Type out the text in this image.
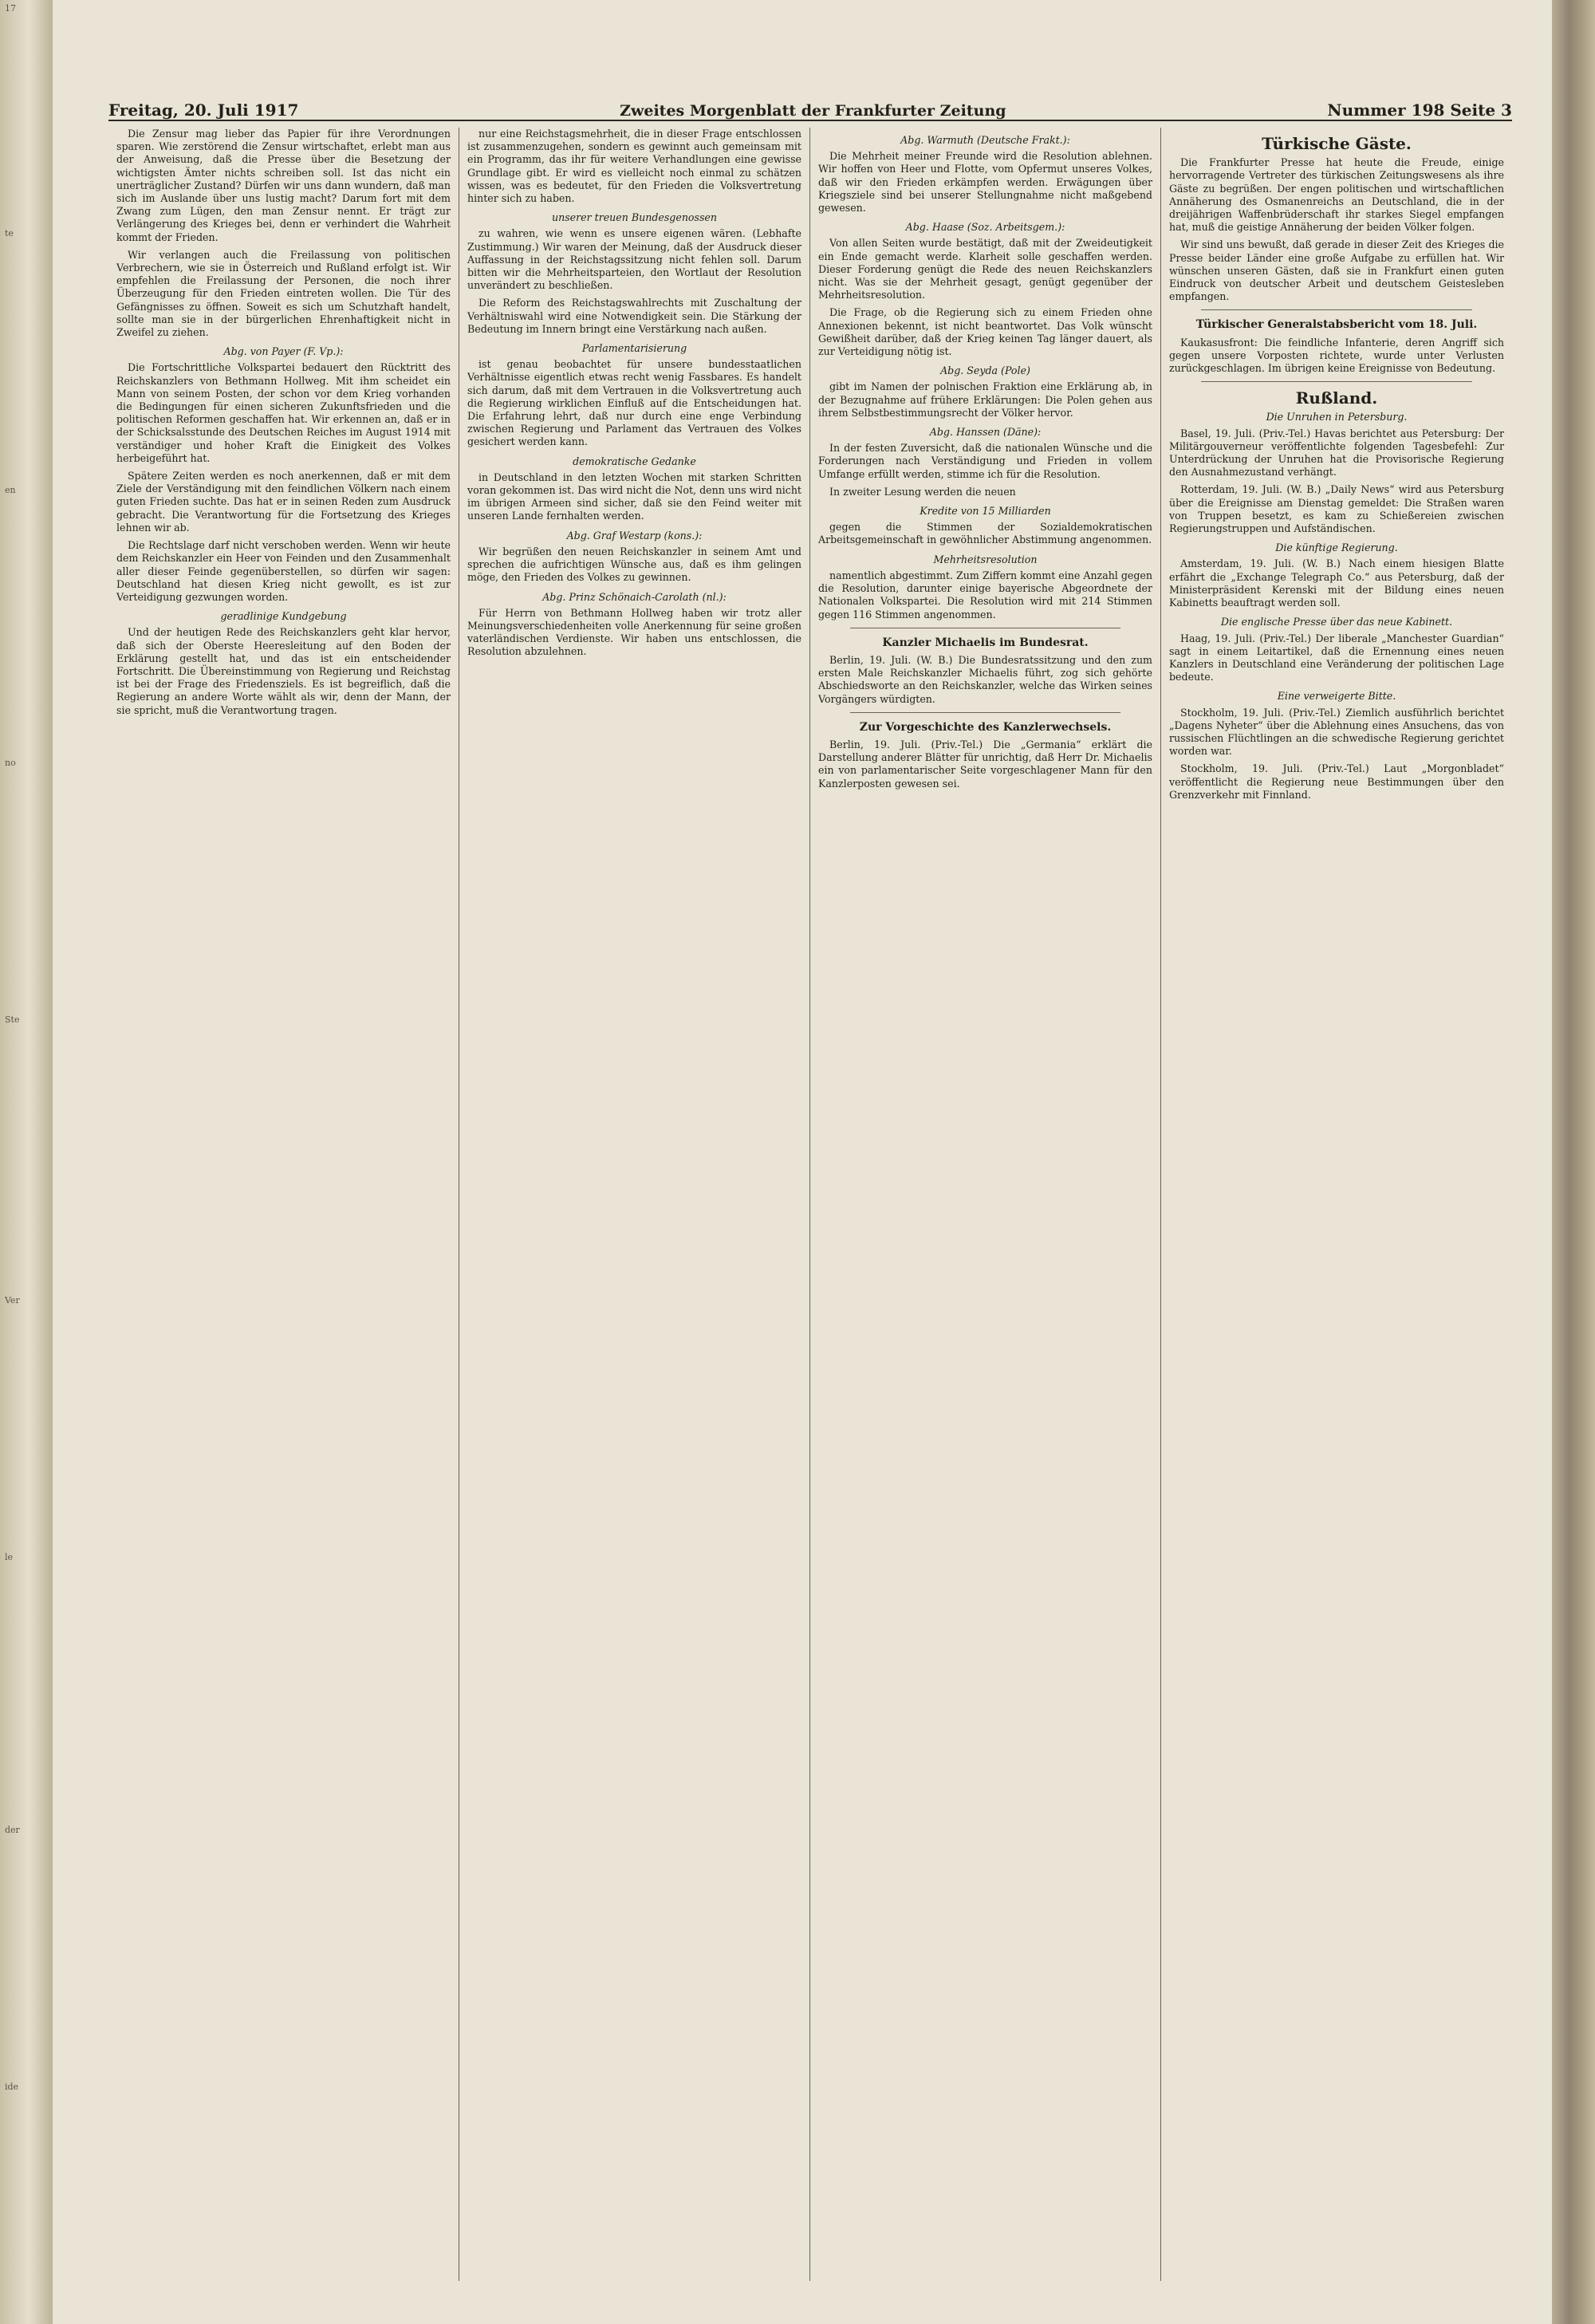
17
te
en
no
Ste
Ver
le
der
ide
Freitag, 20. Juli 1917	Zweites Morgenblatt der Frankfurter Zeitung	Nummer 198 Seite 3

Die Zensur mag lieber das Papier für ihre Verordnungen sparen. Wie zerstörend die Zensur wirtschaftet, erlebt man aus der Anweisung, daß die Presse über die Besetzung der wichtigsten Ämter nichts schreiben soll. Ist das nicht ein unerträglicher Zustand? Dürfen wir uns dann wundern, daß man sich im Auslande über uns lustig macht? Darum fort mit dem Zwang zum Lügen, den man Zensur nennt. Er trägt zur Verlängerung des Krieges bei, denn er verhindert die Wahrheit kommt der Frieden.

Wir verlangen auch die Freilassung von politischen Verbrechern, wie sie in Österreich und Rußland erfolgt ist. Wir empfehlen die Freilassung der Personen, die noch ihrer Überzeugung für den Frieden eintreten wollen. Die Tür des Gefängnisses zu öffnen. Soweit es sich um Schutzhaft handelt, sollte man sie in der bürgerlichen Ehrenhaftigkeit nicht in Zweifel zu ziehen.

Abg. von Payer (F. Vp.):

Die Fortschrittliche Volkspartei bedauert den Rücktritt des Reichskanzlers von Bethmann Hollweg. Mit ihm scheidet ein Mann von seinem Posten, der schon vor dem Krieg vorhanden die Bedingungen für einen sicheren Zukunftsfrieden und die politischen Reformen geschaffen hat. Wir erkennen an, daß er in der Schicksalsstunde des Deutschen Reiches im August 1914 mit verständiger und hoher Kraft die Einigkeit des Volkes herbeigeführt hat.

Spätere Zeiten werden es noch anerkennen, daß er mit dem Ziele der Verständigung mit den feindlichen Völkern nach einem guten Frieden suchte. Das hat er in seinen Reden zum Ausdruck gebracht. Die Verantwortung für die Fortsetzung des Krieges lehnen wir ab.

Die Rechtslage darf nicht verschoben werden. Wenn wir heute dem Reichskanzler ein Heer von Feinden und den Zusammenhalt aller dieser Feinde gegenüberstellen, so dürfen wir sagen: Deutschland hat diesen Krieg nicht gewollt, es ist zur Verteidigung gezwungen worden.

geradlinige Kundgebung

Und der heutigen Rede des Reichskanzlers geht klar hervor, daß sich der Oberste Heeresleitung auf den Boden der Erklärung gestellt hat, und das ist ein entscheidender Fortschritt. Die Übereinstimmung von Regierung und Reichstag ist bei der Frage des Friedensziels. Es ist begreiflich, daß die Regierung an andere Worte wählt als wir, denn der Mann, der sie spricht, muß die Verantwortung tragen.

nur eine Reichstagsmehrheit, die in dieser Frage entschlossen ist zusammenzugehen, sondern es gewinnt auch gemeinsam mit ein Programm, das ihr für weitere Verhandlungen eine gewisse Grundlage gibt. Er wird es vielleicht noch einmal zu schätzen wissen, was es bedeutet, für den Frieden die Volksvertretung hinter sich zu haben.

unserer treuen Bundesgenossen

zu wahren, wie wenn es unsere eigenen wären. (Lebhafte Zustimmung.) Wir waren der Meinung, daß der Ausdruck dieser Auffassung in der Reichstagssitzung nicht fehlen soll. Darum bitten wir die Mehrheitsparteien, den Wortlaut der Resolution unverändert zu beschließen.

Die Reform des Reichstagswahlrechts mit Zuschaltung der Verhältniswahl wird eine Notwendigkeit sein. Die Stärkung der Bedeutung im Innern bringt eine Verstärkung nach außen.

Parlamentarisierung

ist genau beobachtet für unsere bundesstaatlichen Verhältnisse eigentlich etwas recht wenig Fassbares. Es handelt sich darum, daß mit dem Vertrauen in die Volksvertretung auch die Regierung wirklichen Einfluß auf die Entscheidungen hat. Die Erfahrung lehrt, daß nur durch eine enge Verbindung zwischen Regierung und Parlament das Vertrauen des Volkes gesichert werden kann.

demokratische Gedanke

in Deutschland in den letzten Wochen mit starken Schritten voran gekommen ist. Das wird nicht die Not, denn uns wird nicht im übrigen Armeen sind sicher, daß sie den Feind weiter mit unseren Lande fernhalten werden.

Abg. Graf Westarp (kons.):

Wir begrüßen den neuen Reichskanzler in seinem Amt und sprechen die aufrichtigen Wünsche aus, daß es ihm gelingen möge, den Frieden des Volkes zu gewinnen.

Abg. Prinz Schönaich-Carolath (nl.):

Für Herrn von Bethmann Hollweg haben wir trotz aller Meinungsverschiedenheiten volle Anerkennung für seine großen vaterländischen Verdienste. Wir haben uns entschlossen, die Resolution abzulehnen.

Abg. Warmuth (Deutsche Frakt.):

Die Mehrheit meiner Freunde wird die Resolution ablehnen. Wir hoffen von Heer und Flotte, vom Opfermut unseres Volkes, daß wir den Frieden erkämpfen werden. Erwägungen über Kriegsziele sind bei unserer Stellungnahme nicht maßgebend gewesen.

Abg. Haase (Soz. Arbeitsgem.):

Von allen Seiten wurde bestätigt, daß mit der Zweideutigkeit ein Ende gemacht werde. Klarheit solle geschaffen werden. Dieser Forderung genügt die Rede des neuen Reichskanzlers nicht. Was sie der Mehrheit gesagt, genügt gegenüber der Mehrheitsresolution.

Die Frage, ob die Regierung sich zu einem Frieden ohne Annexionen bekennt, ist nicht beantwortet. Das Volk wünscht Gewißheit darüber, daß der Krieg keinen Tag länger dauert, als zur Verteidigung nötig ist.

Abg. Seyda (Pole)

gibt im Namen der polnischen Fraktion eine Erklärung ab, in der Bezugnahme auf frühere Erklärungen: Die Polen gehen aus ihrem Selbstbestimmungsrecht der Völker hervor.

Abg. Hanssen (Däne):

In der festen Zuversicht, daß die nationalen Wünsche und die Forderungen nach Verständigung und Frieden in vollem Umfange erfüllt werden, stimme ich für die Resolution.

In zweiter Lesung werden die neuen

Kredite von 15 Milliarden

gegen die Stimmen der Sozialdemokratischen Arbeitsgemeinschaft in gewöhnlicher Abstimmung angenommen.

Mehrheitsresolution

namentlich abgestimmt. Zum Ziffern kommt eine Anzahl gegen die Resolution, darunter einige bayerische Abgeordnete der Nationalen Volkspartei. Die Resolution wird mit 214 Stimmen gegen 116 Stimmen angenommen.

Kanzler Michaelis im Bundesrat.

Berlin, 19. Juli. (W. B.) Die Bundesratssitzung und den zum ersten Male Reichskanzler Michaelis führt, zog sich gehörte Abschiedsworte an den Reichskanzler, welche das Wirken seines Vorgängers würdigten.

Zur Vorgeschichte des Kanzlerwechsels.

Berlin, 19. Juli. (Priv.-Tel.) Die „Germania“ erklärt die Darstellung anderer Blätter für unrichtig, daß Herr Dr. Michaelis ein von parlamentarischer Seite vorgeschlagener Mann für den Kanzlerposten gewesen sei.

Türkische Gäste.

Die Frankfurter Presse hat heute die Freude, einige hervorragende Vertreter des türkischen Zeitungswesens als ihre Gäste zu begrüßen. Der engen politischen und wirtschaftlichen Annäherung des Osmanenreichs an Deutschland, die in der dreijährigen Waffenbrüderschaft ihr starkes Siegel empfangen hat, muß die geistige Annäherung der beiden Völker folgen.

Wir sind uns bewußt, daß gerade in dieser Zeit des Krieges die Presse beider Länder eine große Aufgabe zu erfüllen hat. Wir wünschen unseren Gästen, daß sie in Frankfurt einen guten Eindruck von deutscher Arbeit und deutschem Geistesleben empfangen.

Türkischer Generalstabsbericht vom 18. Juli.

Kaukasusfront: Die feindliche Infanterie, deren Angriff sich gegen unsere Vorposten richtete, wurde unter Verlusten zurückgeschlagen. Im übrigen keine Ereignisse von Bedeutung.

Rußland.
Die Unruhen in Petersburg.

Basel, 19. Juli. (Priv.-Tel.) Havas berichtet aus Petersburg: Der Militärgouverneur veröffentlichte folgenden Tagesbefehl: Zur Unterdrückung der Unruhen hat die Provisorische Regierung den Ausnahmezustand verhängt.

Rotterdam, 19. Juli. (W. B.) „Daily News“ wird aus Petersburg über die Ereignisse am Dienstag gemeldet: Die Straßen waren von Truppen besetzt, es kam zu Schießereien zwischen Regierungstruppen und Aufständischen.

Die künftige Regierung.

Amsterdam, 19. Juli. (W. B.) Nach einem hiesigen Blatte erfährt die „Exchange Telegraph Co.“ aus Petersburg, daß der Ministerpräsident Kerenski mit der Bildung eines neuen Kabinetts beauftragt werden soll.

Die englische Presse über das neue Kabinett.

Haag, 19. Juli. (Priv.-Tel.) Der liberale „Manchester Guardian“ sagt in einem Leitartikel, daß die Ernennung eines neuen Kanzlers in Deutschland eine Veränderung der politischen Lage bedeute.

Eine verweigerte Bitte.

Stockholm, 19. Juli. (Priv.-Tel.) Ziemlich ausführlich berichtet „Dagens Nyheter“ über die Ablehnung eines Ansuchens, das von russischen Flüchtlingen an die schwedische Regierung gerichtet worden war.

Stockholm, 19. Juli. (Priv.-Tel.) Laut „Morgonbladet“ veröffentlicht die Regierung neue Bestimmungen über den Grenzverkehr mit Finnland.
